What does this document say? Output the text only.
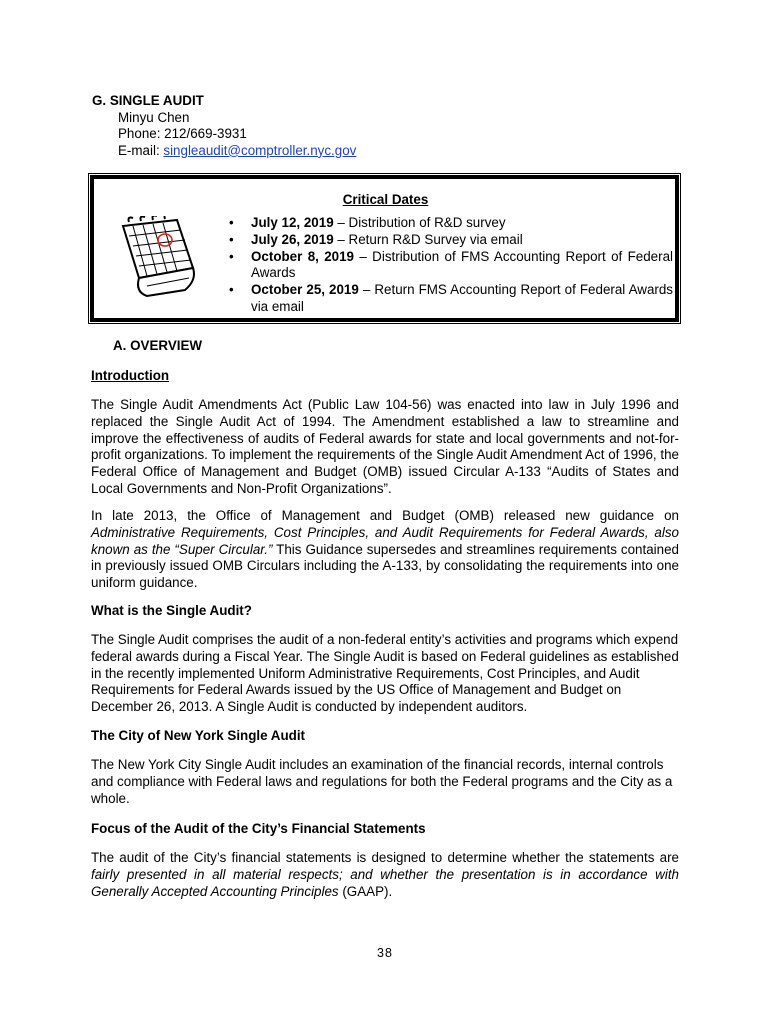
G. SINGLE AUDIT
Minyu Chen
Phone: 212/669-3931
E-mail: singleaudit@comptroller.nyc.gov
Critical Dates
• July 12, 2019 – Distribution of R&D survey
• July 26, 2019 – Return R&D Survey via email
• October 8, 2019 – Distribution of FMS Accounting Report of Federal Awards
• October 25, 2019 – Return FMS Accounting Report of Federal Awards via email
A. OVERVIEW
Introduction
The Single Audit Amendments Act (Public Law 104-56) was enacted into law in July 1996 and replaced the Single Audit Act of 1994. The Amendment established a law to streamline and improve the effectiveness of audits of Federal awards for state and local governments and not-for-profit organizations. To implement the requirements of the Single Audit Amendment Act of 1996, the Federal Office of Management and Budget (OMB) issued Circular A-133 “Audits of States and Local Governments and Non-Profit Organizations”.
In late 2013, the Office of Management and Budget (OMB) released new guidance on Administrative Requirements, Cost Principles, and Audit Requirements for Federal Awards, also known as the “Super Circular.” This Guidance supersedes and streamlines requirements contained in previously issued OMB Circulars including the A-133, by consolidating the requirements into one uniform guidance.
What is the Single Audit?
The Single Audit comprises the audit of a non-federal entity’s activities and programs which expend federal awards during a Fiscal Year. The Single Audit is based on Federal guidelines as established in the recently implemented Uniform Administrative Requirements, Cost Principles, and Audit Requirements for Federal Awards issued by the US Office of Management and Budget on December 26, 2013. A Single Audit is conducted by independent auditors.
The City of New York Single Audit
The New York City Single Audit includes an examination of the financial records, internal controls and compliance with Federal laws and regulations for both the Federal programs and the City as a whole.
Focus of the Audit of the City’s Financial Statements
The audit of the City’s financial statements is designed to determine whether the statements are fairly presented in all material respects; and whether the presentation is in accordance with Generally Accepted Accounting Principles (GAAP).
38
